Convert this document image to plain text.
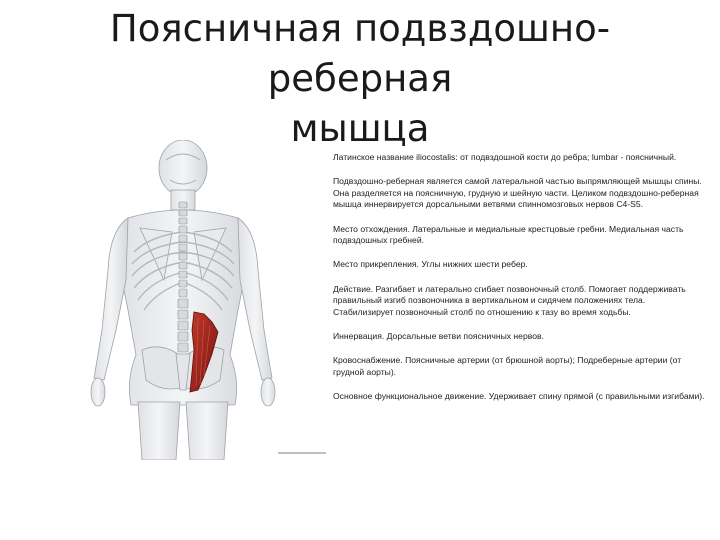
Поясничная подвздошно-реберная
мышца

Латинское название iliocostalis: от подвздошной кости до ребра; lumbar - поясничный.

Подвздошно-реберная является самой латеральной частью выпрямляющей мышцы спины. Она разделяется на поясничную, грудную и шейную части. Целиком подвздошно-реберная мышца иннервируется дорсальными ветвями спинномозговых нервов C4-S5.

Место отхождения. Латеральные и медиальные крестцовые гребни. Медиальная часть подвздошных гребней.

Место прикрепления. Углы нижних шести ребер.

Действие. Разгибает и латерально сгибает позвоночный столб. Помогает поддерживать правильный изгиб позвоночника в вертикальном и сидячем положениях тела. Стабилизирует позвоночный столб по отношению к тазу во время ходьбы.

Иннервация. Дорсальные ветви поясничных нервов.

Кровоснабжение. Поясничные артерии (от брюшной аорты); Подреберные артерии (от грудной аорты).

Основное функциональное движение. Удерживает спину прямой (с правильными изгибами).
